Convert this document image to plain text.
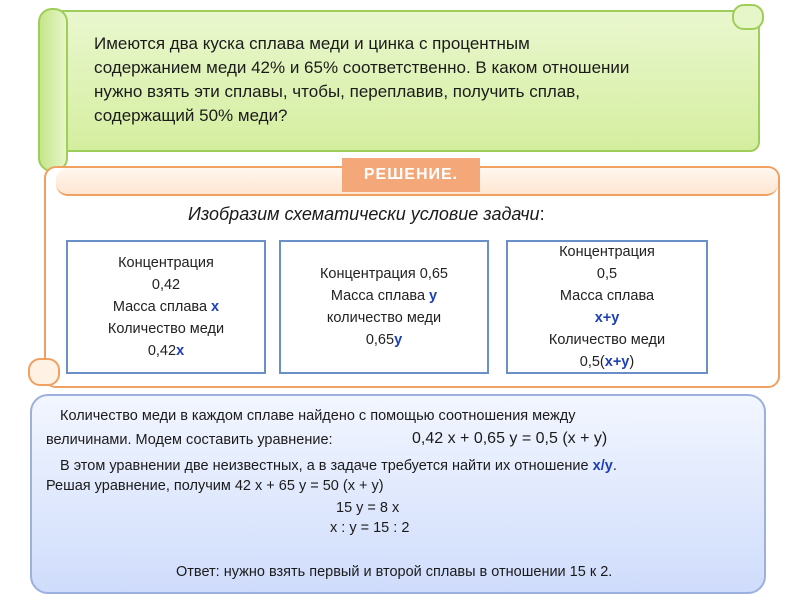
Имеются два куска сплава меди и цинка с процентным
содержанием меди 42% и 65% соответственно. В каком отношении
нужно взять эти сплавы, чтобы, переплавив, получить сплав,
содержащий 50% меди?
РЕШЕНИЕ.
Изобразим схематически условие задачи:
Концентрация
0,42
Масса сплава х
Количество меди
0,42х
Концентрация 0,65
Масса сплава у
количество меди
0,65у
Концентрация
0,5
Масса сплава
х+у
Количество меди
0,5(х+у)
Количество меди в каждом сплаве найдено с помощью соотношения между
величинами. Модем составить уравнение:	0,42 х + 0,65 у = 0,5 (х + у)
В этом уравнении две неизвестных, а в задаче требуется найти их отношение х/у.
Решая уравнение, получим 42 х + 65 у = 50 (х + у)
15 у = 8 х
х : у = 15 : 2
Ответ: нужно взять первый и второй сплавы в отношении 15 к 2.
